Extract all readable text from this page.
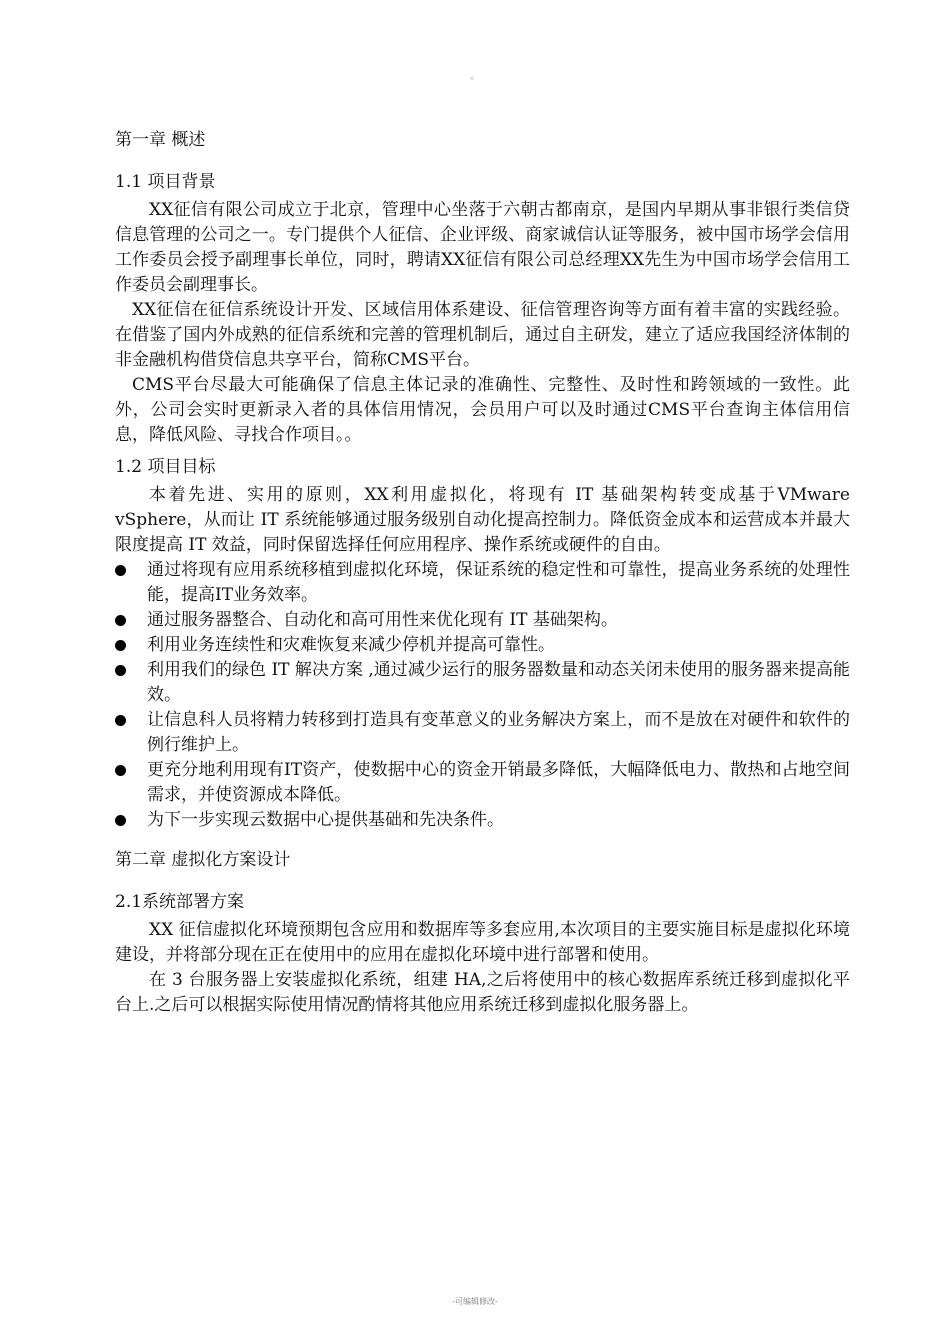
。
第一章 概述
1.1 项目背景

XX征信有限公司成立于北京，管理中心坐落于六朝古都南京，是国内早期从事非银行类信贷信息管理的公司之一。专门提供个人征信、企业评级、商家诚信认证等服务，被中国市场学会信用工作委员会授予副理事长单位，同时，聘请XX征信有限公司总经理XX先生为中国市场学会信用工作委员会副理事长。

XX征信在征信系统设计开发、区域信用体系建设、征信管理咨询等方面有着丰富的实践经验。在借鉴了国内外成熟的征信系统和完善的管理机制后，通过自主研发，建立了适应我国经济体制的非金融机构借贷信息共享平台，简称CMS平台。

CMS平台尽最大可能确保了信息主体记录的准确性、完整性、及时性和跨领域的一致性。此外，公司会实时更新录入者的具体信用情况，会员用户可以及时通过CMS平台查询主体信用信息，降低风险、寻找合作项目。。

1.2 项目目标

本着先进、实用的原则，XX利用虚拟化，将现有 IT 基础架构转变成基于VMware vSphere，从而让 IT 系统能够通过服务级别自动化提高控制力。降低资金成本和运营成本并最大限度提高 IT 效益，同时保留选择任何应用程序、操作系统或硬件的自由。

通过将现有应用系统移植到虚拟化环境，保证系统的稳定性和可靠性，提高业务系统的处理性能，提高IT业务效率。
通过服务器整合、自动化和高可用性来优化现有 IT 基础架构。
利用业务连续性和灾难恢复来减少停机并提高可靠性。
利用我们的绿色 IT 解决方案 ,通过减少运行的服务器数量和动态关闭未使用的服务器来提高能效。
让信息科人员将精力转移到打造具有变革意义的业务解决方案上，而不是放在对硬件和软件的例行维护上。
更充分地利用现有IT资产，使数据中心的资金开销最多降低，大幅降低电力、散热和占地空间需求，并使资源成本降低。
为下一步实现云数据中心提供基础和先决条件。
第二章 虚拟化方案设计
2.1系统部署方案

XX 征信虚拟化环境预期包含应用和数据库等多套应用,本次项目的主要实施目标是虚拟化环境建设，并将部分现在正在使用中的应用在虚拟化环境中进行部署和使用。

在 3 台服务器上安装虚拟化系统，组建 HA,之后将使用中的核心数据库系统迁移到虚拟化平台上.之后可以根据实际使用情况酌情将其他应用系统迁移到虚拟化服务器上。

-可编辑修改-
